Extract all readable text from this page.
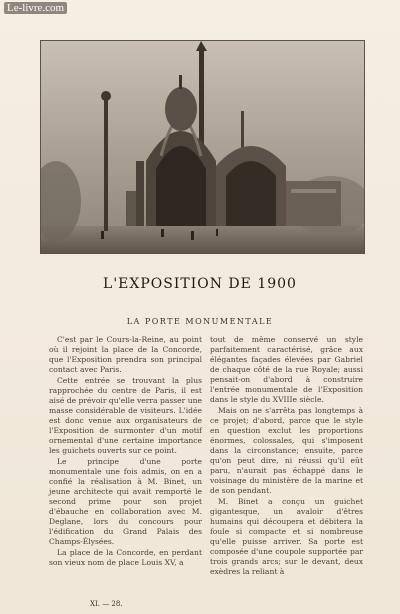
Le-livre.com
L'EXPOSITION DE 1900
LA PORTE MONUMENTALE

C'est par le Cours-la-Reine, au point où il rejoint la place de la Concorde, que l'Exposition prendra son principal contact avec Paris.

Cette entrée se trouvant la plus rapprochée du centre de Paris, il est aisé de prévoir qu'elle verra passer une masse considérable de visiteurs. L'idée est donc venue aux organisateurs de l'Exposition de surmonter d'un motif ornemental d'une certaine importance les guichets ouverts sur ce point.

Le principe d'une porte monumentale une fois admis, on en a confié la réalisation à M. Binet, un jeune architecte qui avait remporté le second prime pour son projet d'ébauche en collaboration avec M. Deglane, lors du concours pour l'édification du Grand Palais des Champs-Élysées.

La place de la Concorde, en perdant son vieux nom de place Louis XV, a

tout de même conservé un style parfaitement caractérisé, grâce aux élégantes façades élevées par Gabriel de chaque côté de la rue Royale; aussi pensait-on d'abord à construire l'entrée monumentale de l'Exposition dans le style du XVIIIe siècle.

Mais on ne s'arrêta pas longtemps à ce projet; d'abord, parce que le style en question exclut les proportions énormes, colossales, qui s'imposent dans la circonstance; ensuite, parce qu'on peut dire, ni réussi qu'il eût paru, n'aurait pas échappé dans le voisinage du ministère de la marine et de son pendant.

M. Binet a conçu un guichet gigantesque, un avaloir d'êtres humains qui découpera et débitera la foule si compacte et si nombreuse qu'elle puisse arriver. Sa porte est composée d'une coupole supportée par trois grands arcs; sur le devant, deux exèdres la reliant à

XI. — 28.
